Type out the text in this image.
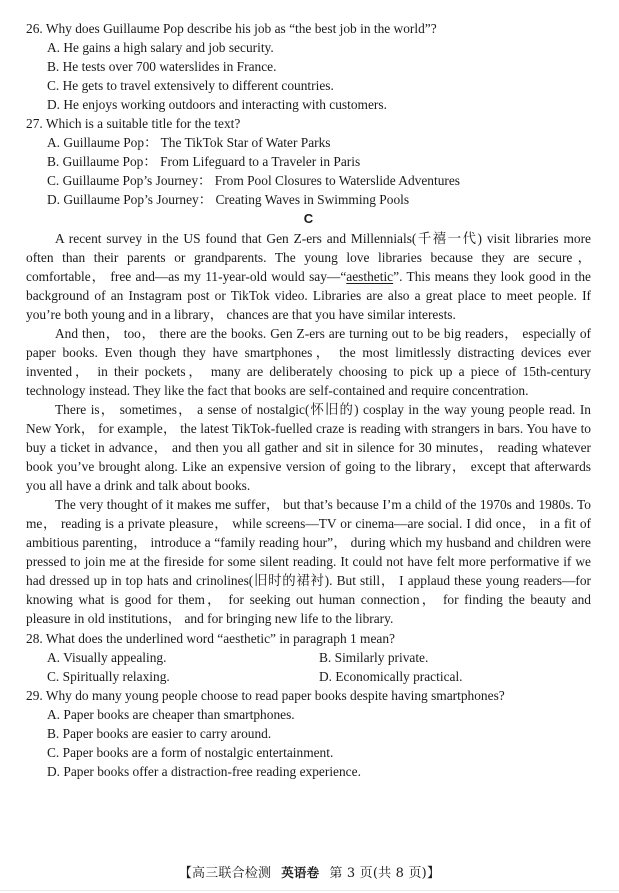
26. Why does Guillaume Pop describe his job as “the best job in the world”?
A. He gains a high salary and job security.
B. He tests over 700 waterslides in France.
C. He gets to travel extensively to different countries.
D. He enjoys working outdoors and interacting with customers.
27. Which is a suitable title for the text?
A. Guillaume Pop： The TikTok Star of Water Parks
B. Guillaume Pop： From Lifeguard to a Traveler in Paris
C. Guillaume Pop’s Journey： From Pool Closures to Waterslide Adventures
D. Guillaume Pop’s Journey： Creating Waves in Swimming Pools
C

A recent survey in the US found that Gen Z-ers and Millennials(千禧一代) visit libraries more often than their parents or grandparents. The young love libraries because they are secure， comfortable， free and—as my 11-year-old would say—“aesthetic”. This means they look good in the background of an Instagram post or TikTok video. Libraries are also a great place to meet people. If you’re both young and in a library， chances are that you have similar interests.

And then， too， there are the books. Gen Z-ers are turning out to be big readers， especially of paper books. Even though they have smartphones， the most limitlessly distracting devices ever invented， in their pockets， many are deliberately choosing to pick up a piece of 15th-century technology instead. They like the fact that books are self-contained and require concentration.

There is， sometimes， a sense of nostalgic(怀旧的) cosplay in the way young people read. In New York， for example， the latest TikTok-fuelled craze is reading with strangers in bars. You have to buy a ticket in advance， and then you all gather and sit in silence for 30 minutes， reading whatever book you’ve brought along. Like an expensive version of going to the library， except that afterwards you all have a drink and talk about books.

The very thought of it makes me suffer， but that’s because I’m a child of the 1970s and 1980s. To me， reading is a private pleasure， while screens—TV or cinema—are social. I did once， in a fit of ambitious parenting， introduce a “family reading hour”， during which my husband and children were pressed to join me at the fireside for some silent reading. It could not have felt more performative if we had dressed up in top hats and crinolines(旧时的裙衬). But still， I applaud these young readers—for knowing what is good for them， for seeking out human connection， for finding the beauty and pleasure in old institutions， and for bringing new life to the library.

28. What does the underlined word “aesthetic” in paragraph 1 mean?
A. Visually appealing.	B. Similarly private.
C. Spiritually relaxing.	D. Economically practical.
29. Why do many young people choose to read paper books despite having smartphones?
A. Paper books are cheaper than smartphones.
B. Paper books are easier to carry around.
C. Paper books are a form of nostalgic entertainment.
D. Paper books offer a distraction-free reading experience.
【高三联合检测 英语卷 第 3 页(共 8 页)】
